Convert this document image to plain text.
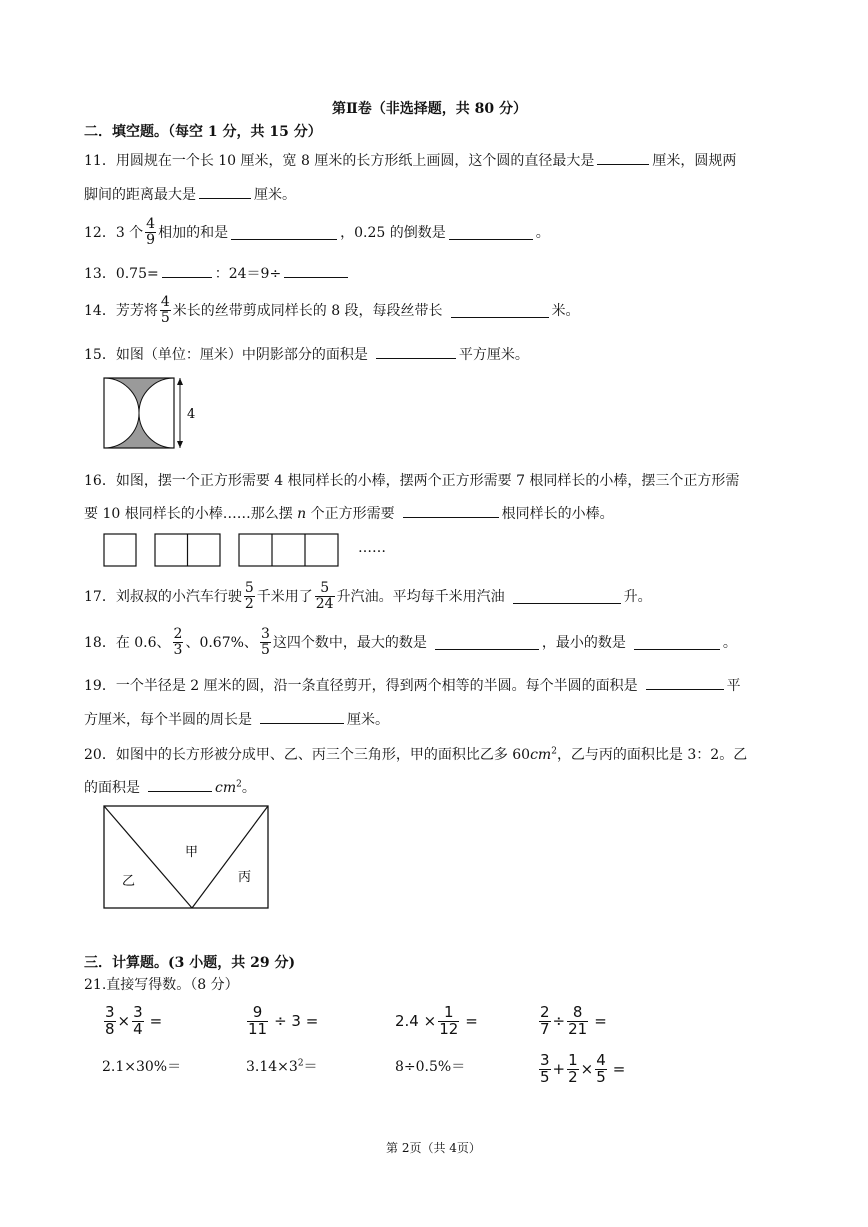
第Ⅱ卷（非选择题，共 80 分）
二．填空题。（每空 1 分，共 15 分）
11．用圆规在一个长 10 厘米，宽 8 厘米的长方形纸上画圆，这个圆的直径最大是	厘米，圆规两
脚间的距离最大是	厘米。
12．3 个 $\frac{4}{9}$ 相加的和是	，0.25 的倒数是	。
13．0.75=	：24＝9÷
14．芳芳将 $\frac{4}{5}$ 米长的丝带剪成同样长的 8 段，每段丝带长	米。
15．如图（单位：厘米）中阴影部分的面积是	平方厘米。
4
16．如图，摆一个正方形需要 4 根同样长的小棒，摆两个正方形需要 7 根同样长的小棒，摆三个正方形需
要 10 根同样长的小棒……那么摆 n 个正方形需要	根同样长的小棒。
……
17．刘叔叔的小汽车行驶 $\frac{5}{2}$ 千米用了 $\frac{5}{24}$ 升汽油。平均每千米用汽油	升。
18．在 0.6、 $\frac{2}{3}$ 、0.67%、 $\frac{3}{5}$ 这四个数中，最大的数是	，最小的数是	。
19．一个半径是 2 厘米的圆，沿一条直径剪开，得到两个相等的半圆。每个半圆的面积是	平
方厘米，每个半圆的周长是	厘米。
20．如图中的长方形被分成甲、乙、丙三个三角形，甲的面积比乙多 $60cm^2$，乙与丙的面积比是 3：2。乙
的面积是	$cm^2$。
甲
乙	丙
三．计算题。(3 小题，共 29 分)
21.直接写得数。（8 分）
$\frac{3}{8} \times \frac{3}{4}$ =	$\frac{9}{11} \div 3$ =	$2.4 \times \frac{1}{12}$ =	$\frac{2}{7} \div \frac{8}{21}$ =
2.1×30%＝	$3.14\times 3^2=$	8÷0.5%＝	$\frac{3}{5} + \frac{1}{2} \times \frac{4}{5}$ =
第 2页（共 4页）
